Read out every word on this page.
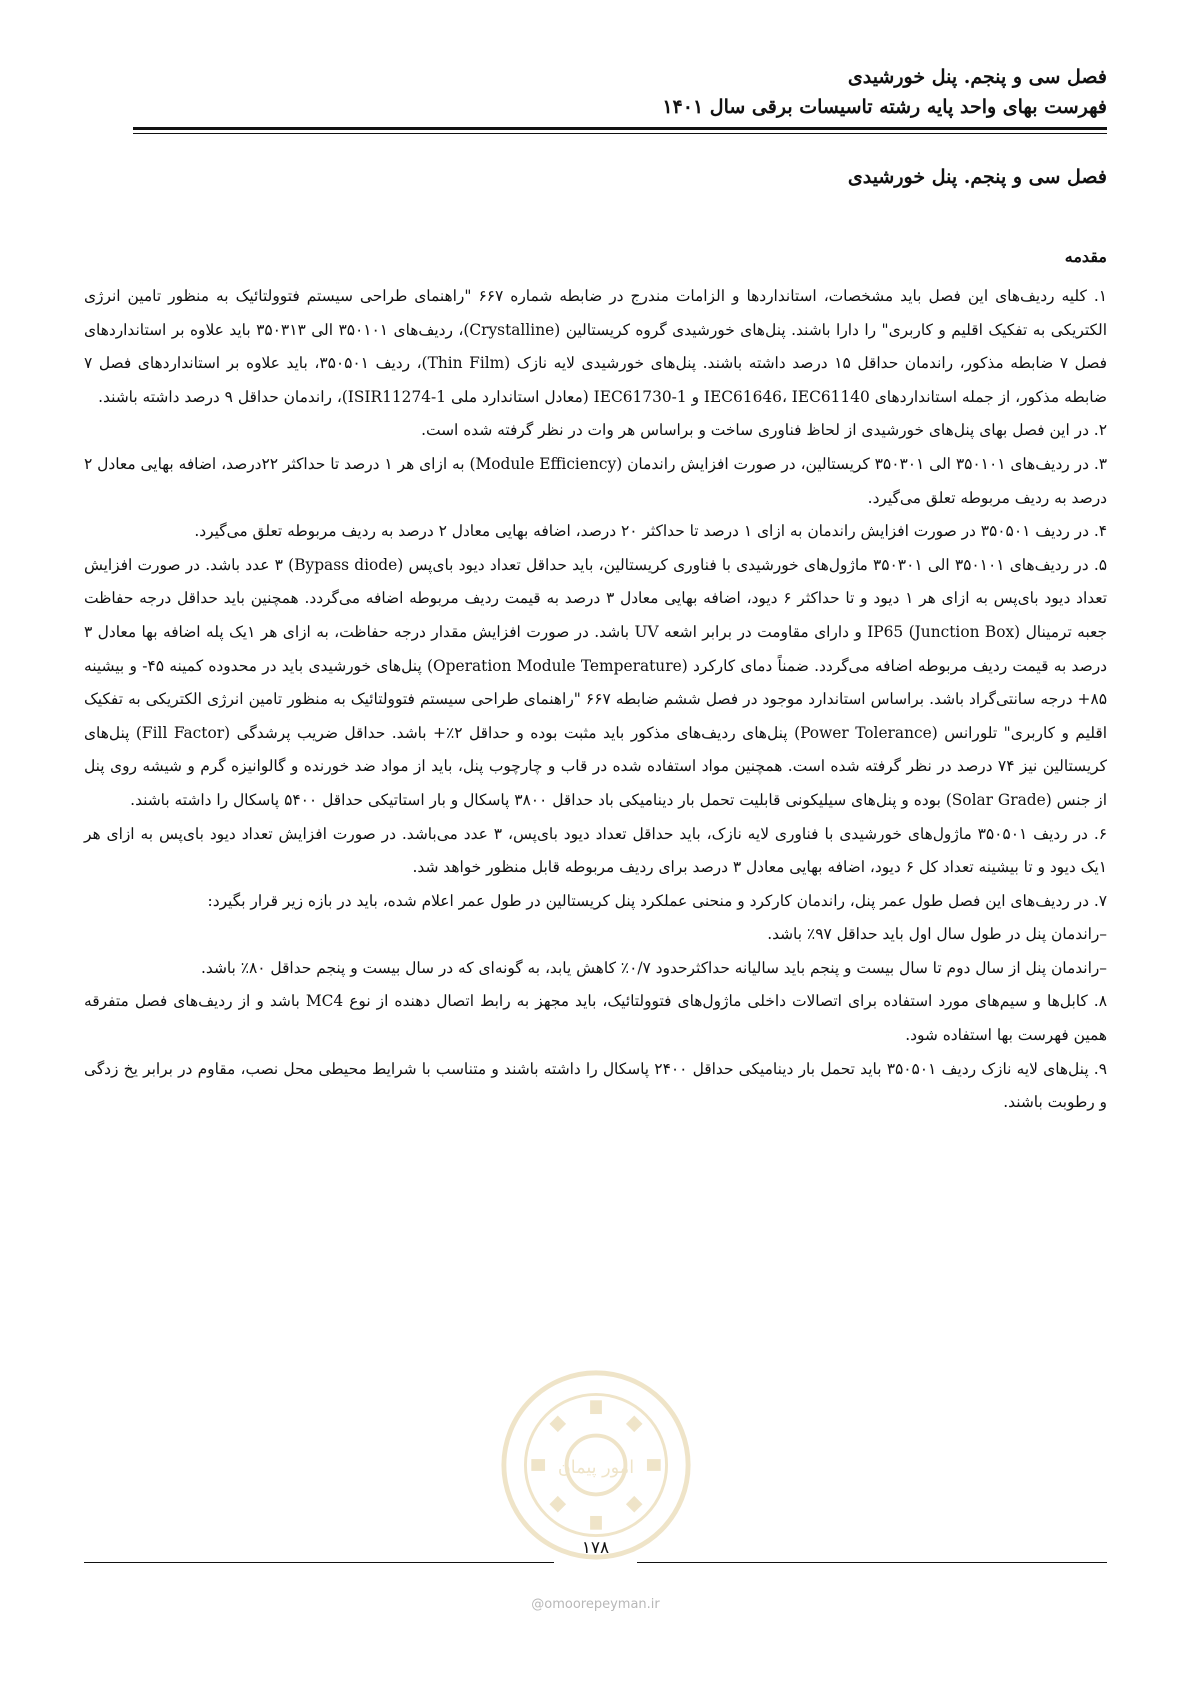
فصل سی و پنجم. پنل خورشیدی
فهرست بهای واحد پایه رشته تاسیسات برقی سال ۱۴۰۱
فصل سی و پنجم. پنل خورشیدی
مقدمه

۱. کلیه ردیف‌های این فصل باید مشخصات، استانداردها و الزامات مندرج در ضابطه شماره ۶۶۷ "راهنمای طراحی سیستم فتوولتائیک به منظور تامین انرژی الکتریکی به تفکیک اقلیم و کاربری" را دارا باشند. پنل‌های خورشیدی گروه کریستالین (Crystalline)، ردیف‌های ۳۵۰۱۰۱ الی ۳۵۰۳۱۳ باید علاوه بر استانداردهای فصل ۷ ضابطه مذکور، راندمان حداقل ۱۵ درصد داشته باشند. پنل‌های خورشیدی لایه نازک (Thin Film)، ردیف ۳۵۰۵۰۱، باید علاوه بر استانداردهای فصل ۷ ضابطه مذکور، از جمله استانداردهای IEC61646، IEC61140 و IEC61730-1 (معادل استاندارد ملی ISIR11274-1)، راندمان حداقل ۹ درصد داشته باشند.

۲. در این فصل بهای پنل‌های خورشیدی از لحاظ فناوری ساخت و براساس هر وات در نظر گرفته شده است.

۳. در ردیف‌های ۳۵۰۱۰۱ الی ۳۵۰۳۰۱ کریستالین، در صورت افزایش راندمان (Module Efficiency) به ازای هر ۱ درصد تا حداکثر ۲۲درصد، اضافه بهایی معادل ۲ درصد به ردیف مربوطه تعلق می‌گیرد.

۴. در ردیف ۳۵۰۵۰۱ در صورت افزایش راندمان به ازای ۱ درصد تا حداکثر ۲۰ درصد، اضافه بهایی معادل ۲ درصد به ردیف مربوطه تعلق می‌گیرد.

۵. در ردیف‌های ۳۵۰۱۰۱ الی ۳۵۰۳۰۱ ماژول‌های خورشیدی با فناوری کریستالین، باید حداقل تعداد دیود بای‌پس (Bypass diode) ۳ عدد باشد. در صورت افزایش تعداد دیود بای‌پس به ازای هر ۱ دیود و تا حداکثر ۶ دیود، اضافه بهایی معادل ۳ درصد به قیمت ردیف مربوطه اضافه می‌گردد. همچنین باید حداقل درجه حفاظت جعبه ترمینال IP65 (Junction Box) و دارای مقاومت در برابر اشعه UV باشد. در صورت افزایش مقدار درجه حفاظت، به ازای هر ۱یک پله اضافه بها معادل ۳ درصد به قیمت ردیف مربوطه اضافه می‌گردد. ضمناً دمای کارکرد (Operation Module Temperature) پنل‌های خورشیدی باید در محدوده کمینه ۴۵- و بیشینه ۸۵+ درجه سانتی‌گراد باشد. براساس استاندارد موجود در فصل ششم ضابطه ۶۶۷ "راهنمای طراحی سیستم فتوولتائیک به منظور تامین انرژی الکتریکی به تفکیک اقلیم و کاربری" تلورانس (Power Tolerance) پنل‌های ردیف‌های مذکور باید مثبت بوده و حداقل ۲٪+ باشد. حداقل ضریب پرشدگی (Fill Factor) پنل‌های کریستالین نیز ۷۴ درصد در نظر گرفته شده است. همچنین مواد استفاده شده در قاب و چارچوب پنل، باید از مواد ضد خورنده و گالوانیزه گرم و شیشه روی پنل از جنس (Solar Grade) بوده و پنل‌های سیلیکونی قابلیت تحمل بار دینامیکی باد حداقل ۳۸۰۰ پاسکال و بار استاتیکی حداقل ۵۴۰۰ پاسکال را داشته باشند.

۶. در ردیف ۳۵۰۵۰۱ ماژول‌های خورشیدی با فناوری لایه نازک، باید حداقل تعداد دیود بای‌پس، ۳ عدد می‌باشد. در صورت افزایش تعداد دیود بای‌پس به ازای هر ۱یک دیود و تا بیشینه تعداد کل ۶ دیود، اضافه بهایی معادل ۳ درصد برای ردیف مربوطه قابل منظور خواهد شد.

۷. در ردیف‌های این فصل طول عمر پنل، راندمان کارکرد و منحنی عملکرد پنل کریستالین در طول عمر اعلام شده، باید در بازه زیر قرار بگیرد:

–راندمان پنل در طول سال اول باید حداقل ۹۷٪ باشد.

–راندمان پنل از سال دوم تا سال بیست و پنجم باید سالیانه حداکثرحدود ۰/۷٪ کاهش یابد، به گونه‌ای که در سال بیست و پنجم حداقل ۸۰٪ باشد.

۸. کابل‌ها و سیم‌های مورد استفاده برای اتصالات داخلی ماژول‌های فتوولتائیک، باید مجهز به رابط اتصال دهنده از نوع MC4 باشد و از ردیف‌های فصل متفرقه همین فهرست بها استفاده شود.

۹. پنل‌های لایه نازک ردیف ۳۵۰۵۰۱ باید تحمل بار دینامیکی حداقل ۲۴۰۰ پاسکال را داشته باشند و متناسب با شرایط محیطی محل نصب، مقاوم در برابر یخ زدگی و رطوبت باشند.

امور پیمان
۱۷۸
@omoorepeyman.ir
